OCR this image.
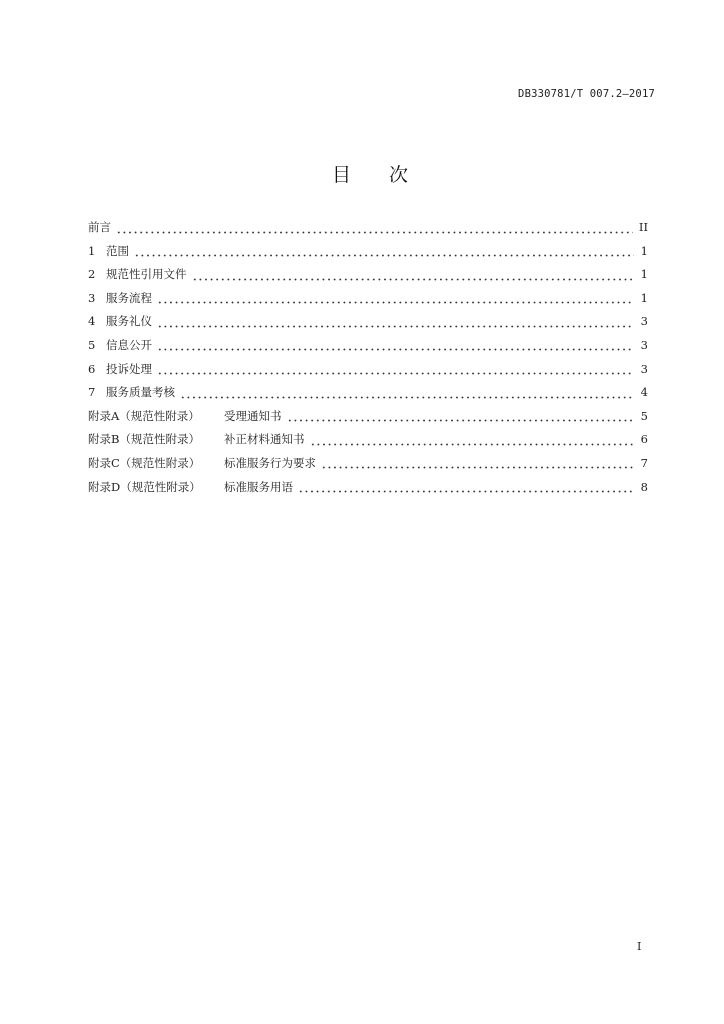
DB330781/T 007.2—2017
目 次
前言	II
1 范围	1
2 规范性引用文件	1
3 服务流程	1
4 服务礼仪	3
5 信息公开	3
6 投诉处理	3
7 服务质量考核	4
附录A（规范性附录）	受理通知书	5
附录B（规范性附录）	补正材料通知书	6
附录C（规范性附录）	标准服务行为要求	7
附录D（规范性附录）	标准服务用语	8
I
